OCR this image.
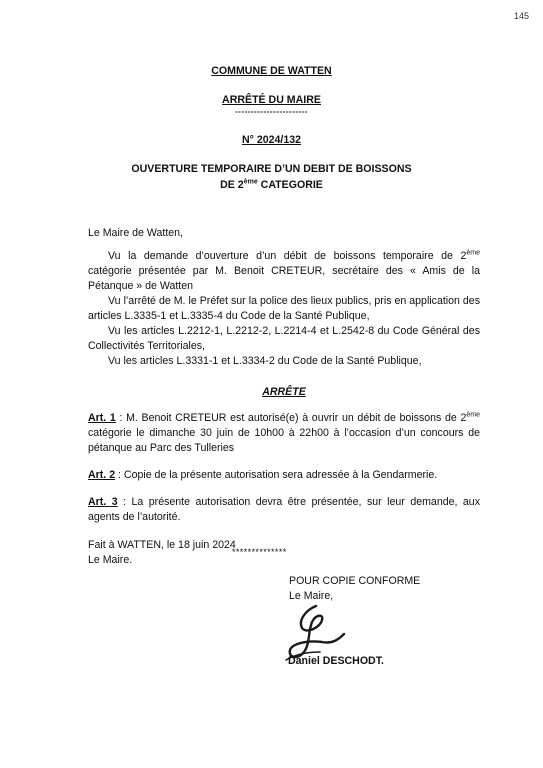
145
COMMUNE DE WATTEN
ARRÊTÉ DU MAIRE
-----------------------
N° 2024/132
OUVERTURE TEMPORAIRE D’UN DEBIT DE BOISSONS
DE 2ème CATEGORIE

Le Maire de Watten,

Vu la demande d’ouverture d’un débit de boissons temporaire de 2ème catégorie présentée par M. Benoit CRETEUR, secrétaire des « Amis de la Pétanque » de Watten

Vu l’arrêté de M. le Préfet sur la police des lieux publics, pris en application des articles L.3335-1 et L.3335-4 du Code de la Santé Publique,

Vu les articles L.2212-1, L.2212-2, L.2214-4 et L.2542-8 du Code Général des Collectivités Territoriales,

Vu les articles L.3331-1 et L.3334-2 du Code de la Santé Publique,

ARRÊTE

Art. 1 : M. Benoit CRETEUR est autorisé(e) à ouvrir un débit de boissons de 2ème catégorie le dimanche 30 juin de 10h00 à 22h00 à l’occasion d’un concours de pétanque au Parc des Tulleries

Art. 2 : Copie de la présente autorisation sera adressée à la Gendarmerie.

Art. 3 : La présente autorisation devra être présentée, sur leur demande, aux agents de l’autorité.

Fait à WATTEN, le 18 juin 2024

Le Maire.

**************
POUR COPIE CONFORME
Le Maire,
Daniel DESCHODT.
